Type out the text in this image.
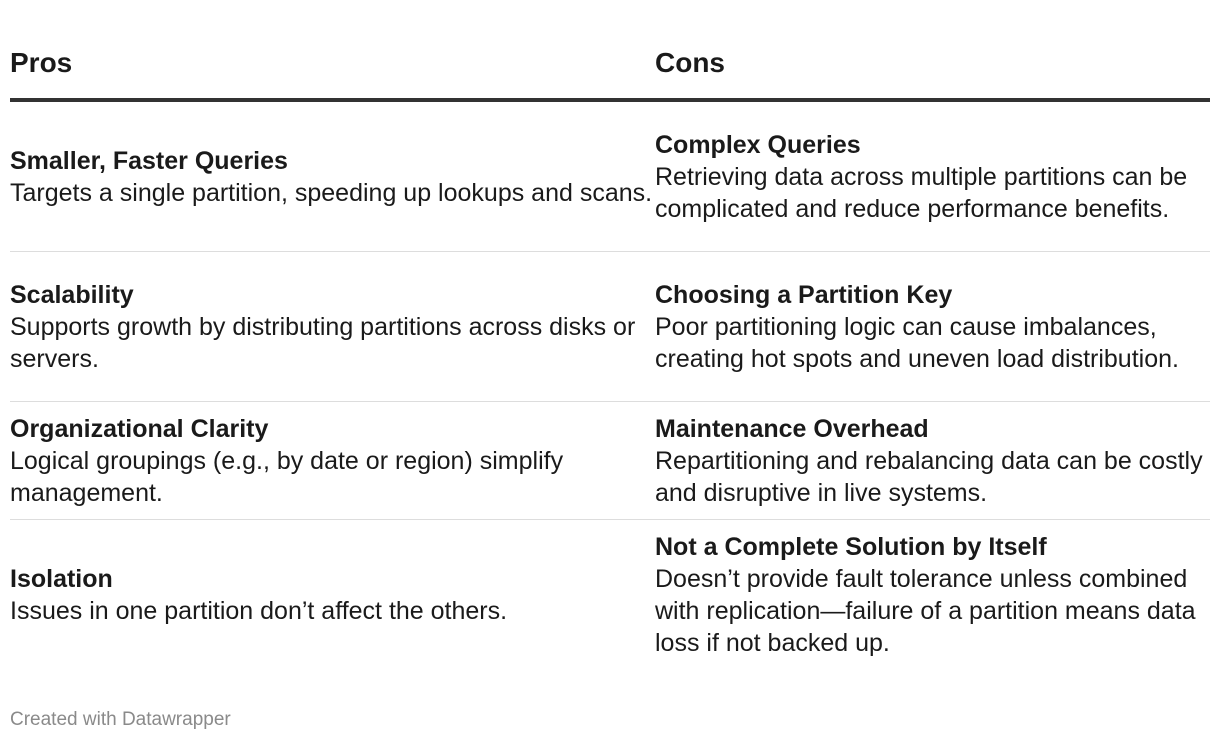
Pros	Cons
Smaller, Faster Queries
Targets a single partition, speeding up lookups and scans.
Complex Queries
Retrieving data across multiple partitions can be complicated and reduce performance benefits.
Scalability
Supports growth by distributing partitions across disks or servers.
Choosing a Partition Key
Poor partitioning logic can cause imbalances, creating hot spots and uneven load distribution.
Organizational Clarity
Logical groupings (e.g., by date or region) simplify management.
Maintenance Overhead
Repartitioning and rebalancing data can be costly and disruptive in live systems.
Isolation
Issues in one partition don’t affect the others.
Not a Complete Solution by Itself
Doesn’t provide fault tolerance unless combined with replication—failure of a partition means data loss if not backed up.
Created with Datawrapper
